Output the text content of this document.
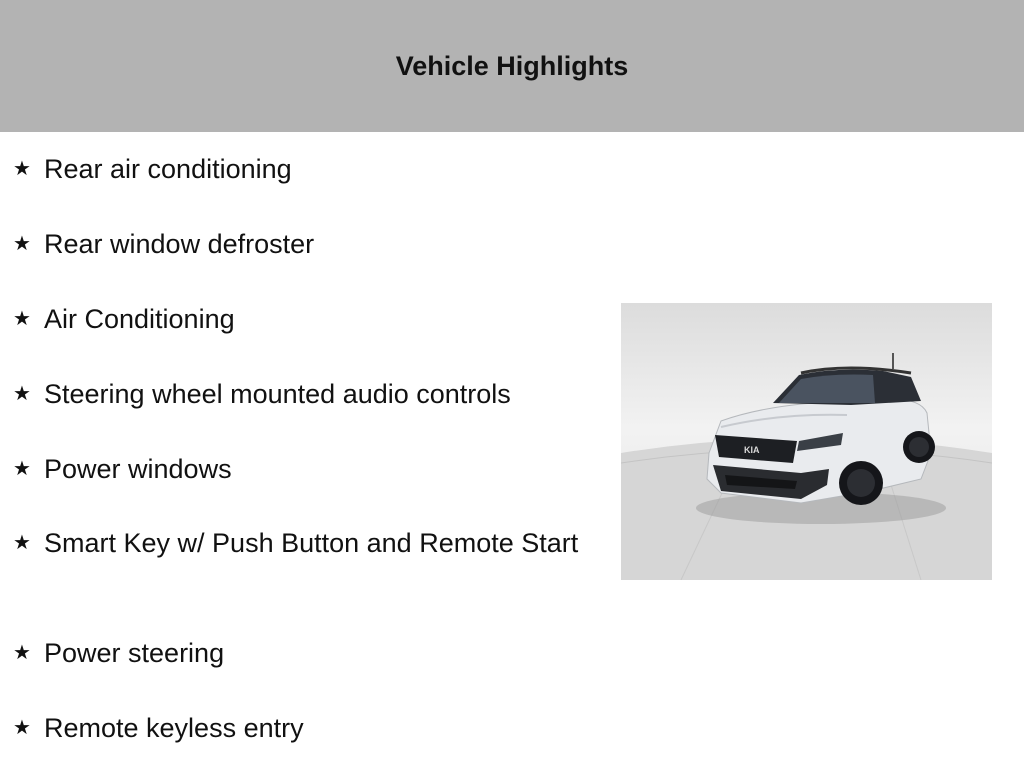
Vehicle Highlights
★ Rear air conditioning
★ Rear window defroster
★ Air Conditioning
★ Steering wheel mounted audio controls
★ Power windows
★ Smart Key w/ Push Button and Remote Start
★ Power steering
★ Remote keyless entry
KIA
